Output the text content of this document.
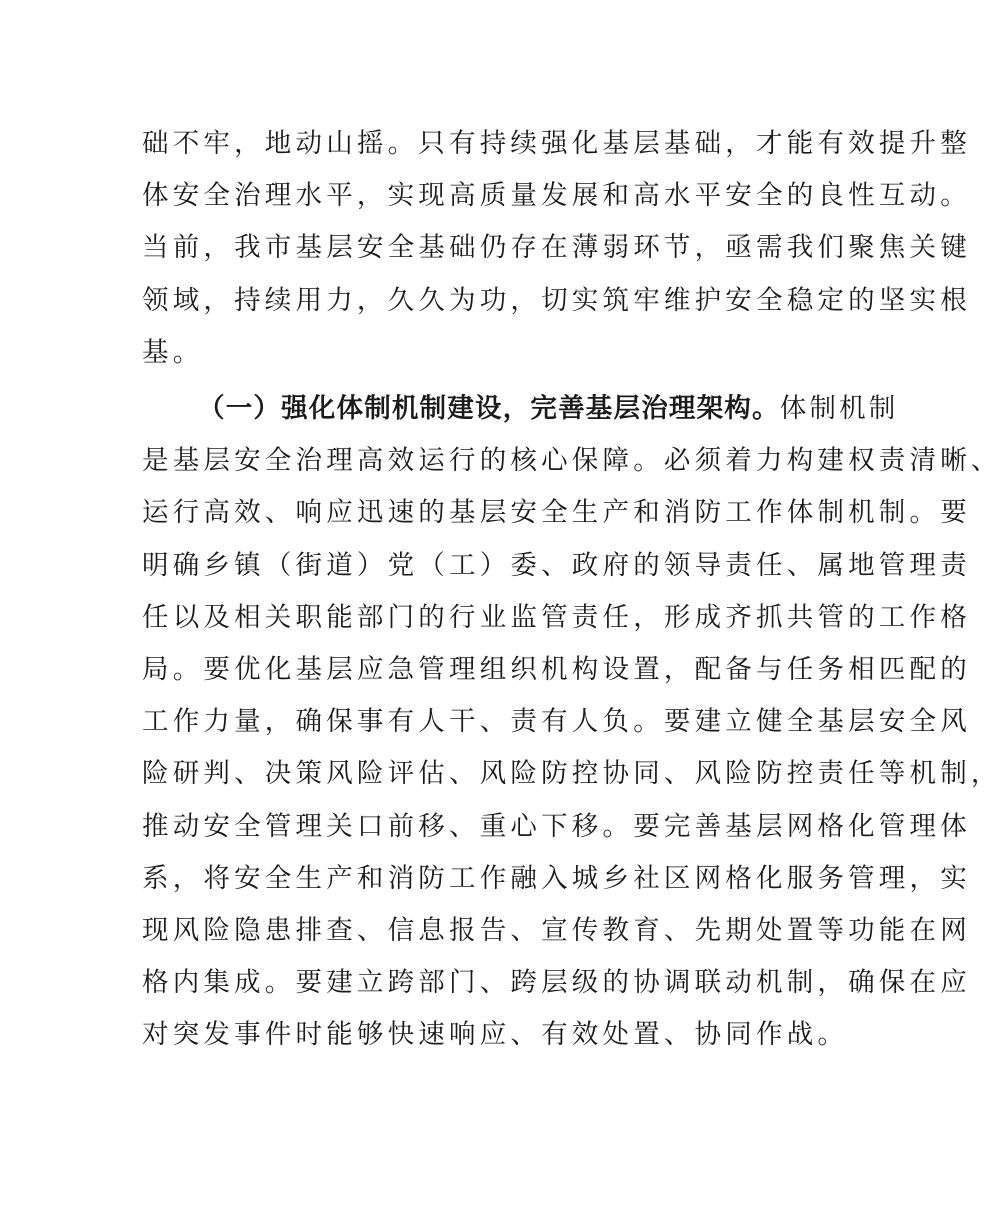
础不牢，地动山摇。只有持续强化基层基础，才能有效提升整
体安全治理水平，实现高质量发展和高水平安全的良性互动。
当前，我市基层安全基础仍存在薄弱环节，亟需我们聚焦关键
领域，持续用力，久久为功，切实筑牢维护安全稳定的坚实根
基。
（一）强化体制机制建设，完善基层治理架构。体制机制
是基层安全治理高效运行的核心保障。必须着力构建权责清晰、
运行高效、响应迅速的基层安全生产和消防工作体制机制。要
明确乡镇（街道）党（工）委、政府的领导责任、属地管理责
任以及相关职能部门的行业监管责任，形成齐抓共管的工作格
局。要优化基层应急管理组织机构设置，配备与任务相匹配的
工作力量，确保事有人干、责有人负。要建立健全基层安全风
险研判、决策风险评估、风险防控协同、风险防控责任等机制，
推动安全管理关口前移、重心下移。要完善基层网格化管理体
系，将安全生产和消防工作融入城乡社区网格化服务管理，实
现风险隐患排查、信息报告、宣传教育、先期处置等功能在网
格内集成。要建立跨部门、跨层级的协调联动机制，确保在应
对突发事件时能够快速响应、有效处置、协同作战。
